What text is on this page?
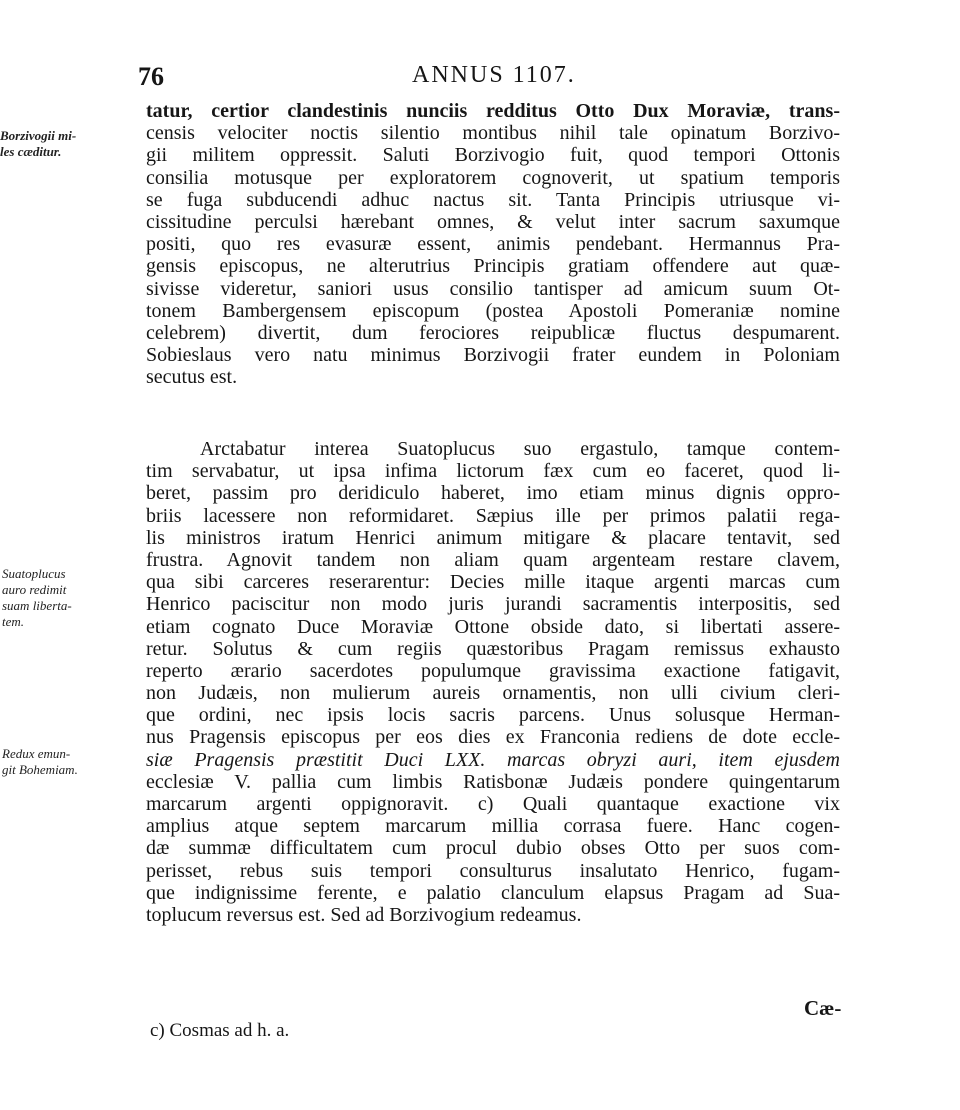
76	ANNUS 1107.
Borzivogii mi-
les cæditur.
Suatoplucus
auro redimit
suam liberta-
tem.
Redux emun-
git Bohemiam.
tatur, certior clandestinis nunciis redditus Otto Dux Moraviæ, trans-
censis velociter noctis silentio montibus nihil tale opinatum Borzivo-
gii militem oppressit. Saluti Borzivogio fuit, quod tempori Ottonis
consilia motusque per exploratorem cognoverit, ut spatium temporis
se fuga subducendi adhuc nactus sit. Tanta Principis utriusque vi-
cissitudine perculsi hærebant omnes, & velut inter sacrum saxumque
positi, quo res evasuræ essent, animis pendebant. Hermannus Pra-
gensis episcopus, ne alterutrius Principis gratiam offendere aut quæ-
sivisse videretur, saniori usus consilio tantisper ad amicum suum Ot-
tonem Bambergensem episcopum (postea Apostoli Pomeraniæ nomine
celebrem) divertit, dum ferociores reipublicæ fluctus despumarent.
Sobieslaus vero natu minimus Borzivogii frater eundem in Poloniam
secutus est.
Arctabatur interea Suatoplucus suo ergastulo, tamque contem-
tim servabatur, ut ipsa infima lictorum fæx cum eo faceret, quod li-
beret, passim pro deridiculo haberet, imo etiam minus dignis oppro-
briis lacessere non reformidaret. Sæpius ille per primos palatii rega-
lis ministros iratum Henrici animum mitigare & placare tentavit, sed
frustra. Agnovit tandem non aliam quam argenteam restare clavem,
qua sibi carceres reserarentur: Decies mille itaque argenti marcas cum
Henrico paciscitur non modo juris jurandi sacramentis interpositis, sed
etiam cognato Duce Moraviæ Ottone obside dato, si libertati assere-
retur. Solutus & cum regiis quæstoribus Pragam remissus exhausto
reperto ærario sacerdotes populumque gravissima exactione fatigavit,
non Judæis, non mulierum aureis ornamentis, non ulli civium cleri-
que ordini, nec ipsis locis sacris parcens. Unus solusque Herman-
nus Pragensis episcopus per eos dies ex Franconia rediens de dote eccle-
siæ Pragensis præstitit Duci LXX. marcas obryzi auri, item ejusdem
ecclesiæ V. pallia cum limbis Ratisbonæ Judæis pondere quingentarum
marcarum argenti oppignoravit. c) Quali quantaque exactione vix
amplius atque septem marcarum millia corrasa fuere. Hanc cogen-
dæ summæ difficultatem cum procul dubio obses Otto per suos com-
perisset, rebus suis tempori consulturus insalutato Henrico, fugam-
que indignissime ferente, e palatio clanculum elapsus Pragam ad Sua-
toplucum reversus est. Sed ad Borzivogium redeamus.
Cæ-
c) Cosmas ad h. a.
